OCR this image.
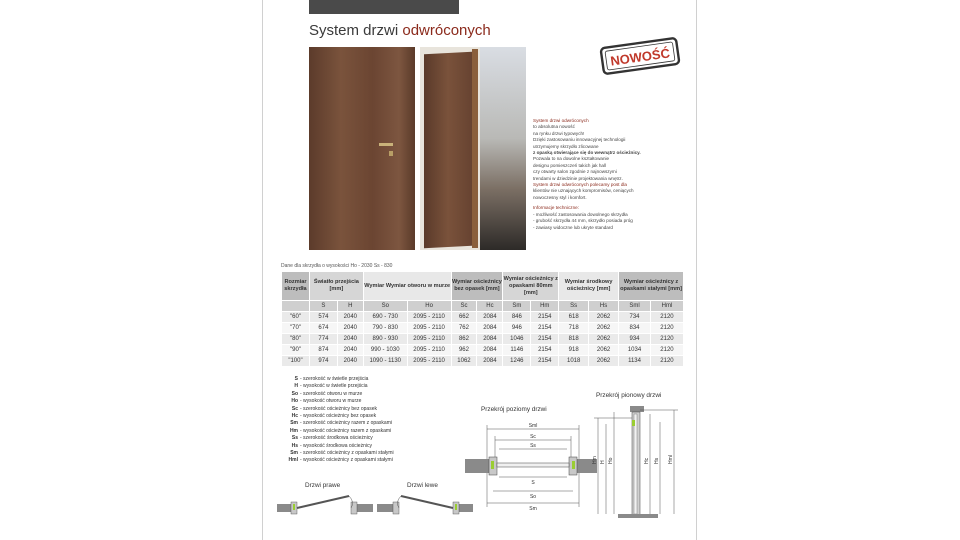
System drzwi odwróconych
NOWOŚĆ
System drzwi odwróconych
to absolutna nowość
na rynku drzwi typowych!
Dzięki zastosowaniu innowacyjnej technologii
utrzymujemy skrzydło zlicowane
z opaską otwierające się do wewnątrz ościeżnicy.
Pozwala to na dowolne kształtowanie
designu pomieszczeń takich jak hall
czy otwarty salon zgodnie z najnowszymi
trendami w dziedzinie projektowania wnętrz.
System drzwi odwróconych polecamy post dla
klientów nie uznających kompromisów, ceniących
nowoczesny styl i komfort.
Informacje techniczne:
- możliwość zastosowania dowolnego skrzydła
- grubość skrzydła 44 mm, skrzydło posiada próg
- zawiasy widoczne lub ukryte standard
Dane dla skrzydła o wysokości Ho - 2030 Ss - 830
Rozmiar skrzydła	Światło przejścia [mm]		Wymiar Wymiar otworu w murze		Wymiar ościeżnicy bez opasek [mm]		Wymiar ościeżnicy z opaskami 80mm [mm]		Wymiar środkowy ościeżnicy [mm]		Wymiar ościeżnicy z opaskami stałymi [mm]	
	S	H	So	Ho	Sc	Hc	Sm	Hm	Ss	Hs	Sml	Hml
"60"	574	2040	690 - 730	2095 - 2110	662	2084	846	2154	618	2062	734	2120
"70"	674	2040	790 - 830	2095 - 2110	762	2084	946	2154	718	2062	834	2120
"80"	774	2040	890 - 930	2095 - 2110	862	2084	1046	2154	818	2062	934	2120
"90"	874	2040	990 - 1030	2095 - 2110	962	2084	1146	2154	918	2062	1034	2120
"100"	974	2040	1090 - 1130	2095 - 2110	1062	2084	1246	2154	1018	2062	1134	2120
S - szerokość w świetle przejścia
H - wysokość w świetle przejścia
So - szerokość otworu w murze
Ho - wysokość otworu w murze
Sc - szerokość ościeżnicy bez opasek
Hc - wysokość ościeżnicy bez opasek
Sm - szerokość ościeżnicy razem z opaskami
Hm - wysokość ościeżnicy razem z opaskami
Ss - szerokość środkowa ościeżnicy
Hs - wysokość środkowa ościeżnicy
Sm - szerokość ościeżnicy z opaskami stałymi
Hml - wysokość ościeżnicy z opaskami stałymi
Przekrój poziomy drzwi
Sml
Sc
Ss
S
So
Sm
Przekrój pionowy drzwi
Hm H Ho	Hc Hs Hml
Drzwi prawe	Drzwi lewe
